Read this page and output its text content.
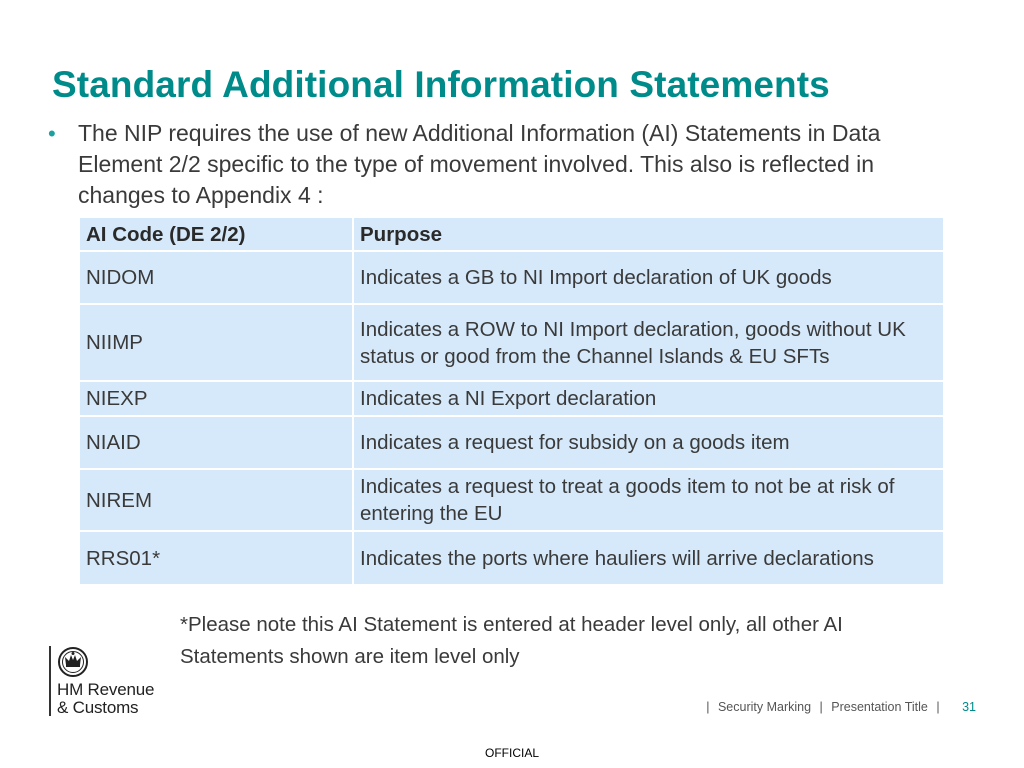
Standard Additional Information Statements
• The NIP requires the use of new Additional Information (AI) Statements in Data Element 2/2 specific to the type of movement involved. This also is reflected in changes to Appendix 4 :
AI Code (DE 2/2)	Purpose
NIDOM	Indicates a GB to NI Import declaration of UK goods
NIIMP	Indicates a ROW to NI Import declaration, goods without UK status or good from the Channel Islands & EU SFTs
NIEXP	Indicates a NI Export declaration
NIAID	Indicates a request for subsidy on a goods item
NIREM	Indicates a request to treat a goods item to not be at risk of entering the EU
RRS01*	Indicates the ports where hauliers will arrive declarations
*Please note this AI Statement is entered at header level only, all other AI Statements shown are item level only
HM Revenue
& Customs	| Security Marking | Presentation Title | 31
OFFICIAL
